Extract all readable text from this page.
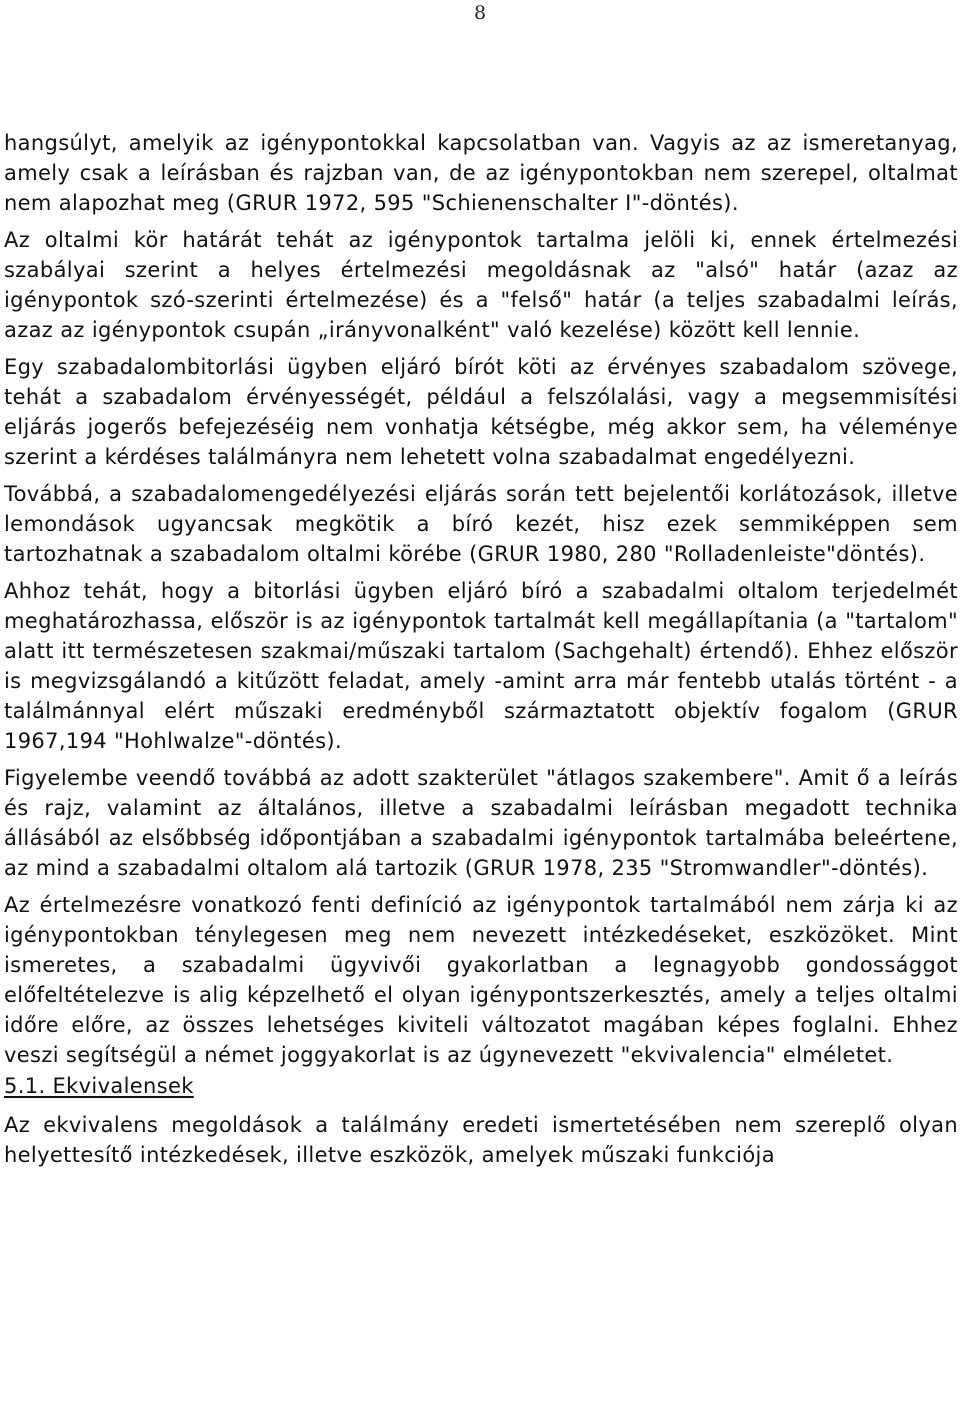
8

hangsúlyt, amelyik az igénypontokkal kapcsolatban van. Vagyis az az ismeretanyag, amely csak a leírásban és rajzban van, de az igénypontokban nem szerepel, oltalmat nem alapozhat meg (GRUR 1972, 595 "Schienenschalter I"-döntés).

Az oltalmi kör határát tehát az igénypontok tartalma jelöli ki, ennek értelmezési szabályai szerint a helyes értelmezési megoldásnak az "alsó" határ (azaz az igénypontok szó-szerinti értelmezése) és a "felső" határ (a teljes szabadalmi leírás, azaz az igénypontok csupán „irányvonalként" való kezelése) között kell lennie.

Egy szabadalombitorlási ügyben eljáró bírót köti az érvényes szabadalom szövege, tehát a szabadalom érvényességét, például a felszólalási, vagy a megsemmisítési eljárás jogerős befejezéséig nem vonhatja kétségbe, még akkor sem, ha véleménye szerint a kérdéses találmányra nem lehetett volna szabadalmat engedélyezni.

Továbbá, a szabadalomengedélyezési eljárás során tett bejelentői korlátozások, illetve lemondások ugyancsak megkötik a bíró kezét, hisz ezek semmiképpen sem tartozhatnak a szabadalom oltalmi körébe (GRUR 1980, 280 "Rolladenleiste"döntés).

Ahhoz tehát, hogy a bitorlási ügyben eljáró bíró a szabadalmi oltalom terjedelmét meghatározhassa, először is az igénypontok tartalmát kell megállapítania (a "tartalom" alatt itt természetesen szakmai/műszaki tartalom (Sachgehalt) értendő). Ehhez először is megvizsgálandó a kitűzött feladat, amely -amint arra már fentebb utalás történt - a találmánnyal elért műszaki eredményből származtatott objektív fogalom (GRUR 1967,194 "Hohlwalze"-döntés).

Figyelembe veendő továbbá az adott szakterület "átlagos szakembere". Amit ő a leírás és rajz, valamint az általános, illetve a szabadalmi leírásban megadott technika állásából az elsőbbség időpontjában a szabadalmi igénypontok tartalmába beleértene, az mind a szabadalmi oltalom alá tartozik (GRUR 1978, 235 "Stromwandler"-döntés).

Az értelmezésre vonatkozó fenti definíció az igénypontok tartalmából nem zárja ki az igénypontokban ténylegesen meg nem nevezett intézkedéseket, eszközöket. Mint ismeretes, a szabadalmi ügyvivői gyakorlatban a legnagyobb gondossággot előfeltételezve is alig képzelhető el olyan igénypontszerkesztés, amely a teljes oltalmi időre előre, az összes lehetséges kiviteli változatot magában képes foglalni. Ehhez veszi segítségül a német joggyakorlat is az úgynevezett "ekvivalencia" elméletet.

5.1. Ekvivalensek

Az ekvivalens megoldások a találmány eredeti ismertetésében nem szereplő olyan helyettesítő intézkedések, illetve eszközök, amelyek műszaki funkciója
